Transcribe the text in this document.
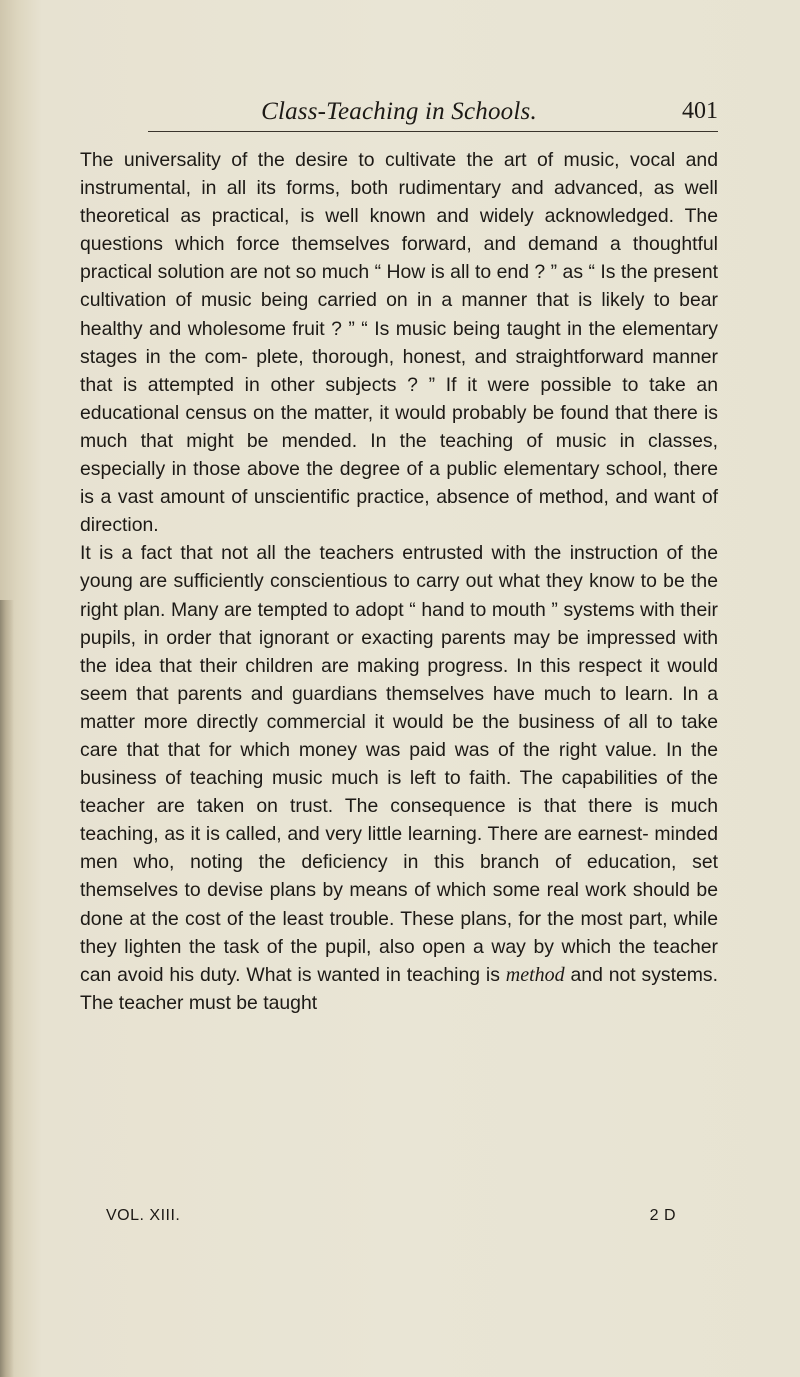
Class-Teaching in Schools.	401

The universality of the desire to cultivate the art of music, vocal and instrumental, in all its forms, both rudimentary and advanced, as well theoretical as practical, is well known and widely acknowledged. The questions which force themselves forward, and demand a thoughtful practical solution are not so much “ How is all to end ? ” as “ Is the present cultivation of music being carried on in a manner that is likely to bear healthy and wholesome fruit ? ” “ Is music being taught in the elementary stages in the com- plete, thorough, honest, and straightforward manner that is attempted in other subjects ? ” If it were possible to take an educational census on the matter, it would probably be found that there is much that might be mended. In the teaching of music in classes, especially in those above the degree of a public elementary school, there is a vast amount of unscientific practice, absence of method, and want of direction.

It is a fact that not all the teachers entrusted with the instruction of the young are sufficiently conscientious to carry out what they know to be the right plan. Many are tempted to adopt “ hand to mouth ” systems with their pupils, in order that ignorant or exacting parents may be impressed with the idea that their children are making progress. In this respect it would seem that parents and guardians themselves have much to learn. In a matter more directly commercial it would be the business of all to take care that that for which money was paid was of the right value. In the business of teaching music much is left to faith. The capabilities of the teacher are taken on trust. The consequence is that there is much teaching, as it is called, and very little learning. There are earnest- minded men who, noting the deficiency in this branch of education, set themselves to devise plans by means of which some real work should be done at the cost of the least trouble. These plans, for the most part, while they lighten the task of the pupil, also open a way by which the teacher can avoid his duty. What is wanted in teaching is method and not systems. The teacher must be taught

VOL. XIII.	2 D
